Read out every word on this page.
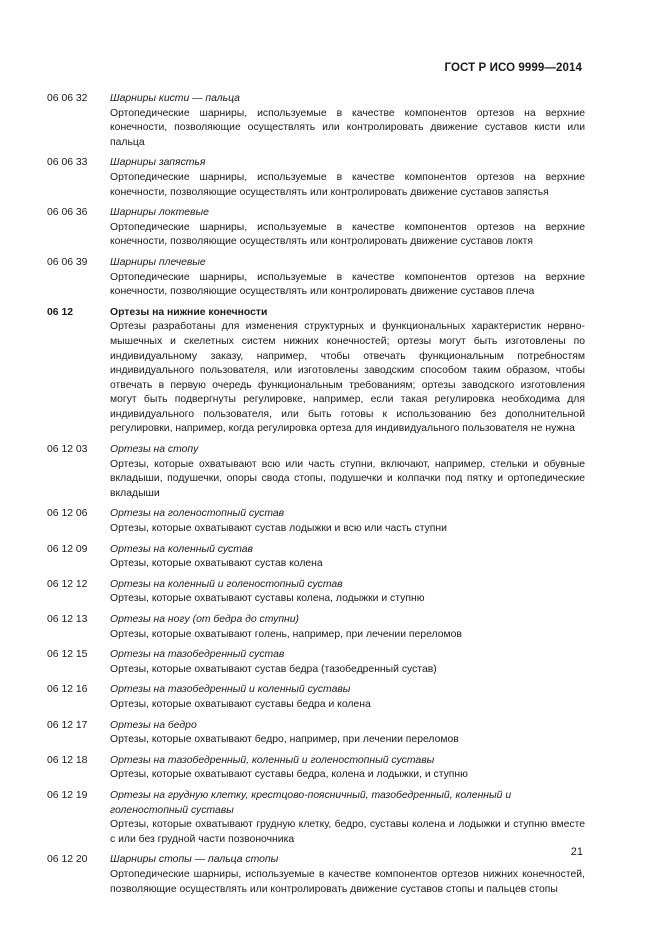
ГОСТ Р ИСО 9999—2014
06 06 32	Шарниры кисти — пальца
Ортопедические шарниры, используемые в качестве компонентов ортезов на верхние конечности, позволяющие осуществлять или контролировать движение суставов кисти или пальца
06 06 33	Шарниры запястья
Ортопедические шарниры, используемые в качестве компонентов ортезов на верхние конечности, позволяющие осуществлять или контролировать движение суставов запястья
06 06 36	Шарниры локтевые
Ортопедические шарниры, используемые в качестве компонентов ортезов на верхние конечности, позволяющие осуществлять или контролировать движение суставов локтя
06 06 39	Шарниры плечевые
Ортопедические шарниры, используемые в качестве компонентов ортезов на верхние конечности, позволяющие осуществлять или контролировать движение суставов плеча
06 12	Ортезы на нижние конечности
Ортезы разработаны для изменения структурных и функциональных характеристик нервно-мышечных и скелетных систем нижних конечностей; ортезы могут быть изготовлены по индивидуальному заказу, например, чтобы отвечать функциональным потребностям индивидуального пользователя, или изготовлены заводским способом таким образом, чтобы отвечать в первую очередь функциональным требованиям; ортезы заводского изготовления могут быть подвергнуты регулировке, например, если такая регулировка необходима для индивидуального пользователя, или быть готовы к использованию без дополнительной регулировки, например, когда регулировка ортеза для индивидуального пользователя не нужна
06 12 03	Ортезы на стопу
Ортезы, которые охватывают всю или часть ступни, включают, например, стельки и обувные вкладыши, подушечки, опоры свода стопы, подушечки и колпачки под пятку и ортопедические вкладыши
06 12 06	Ортезы на голеностопный сустав
Ортезы, которые охватывают сустав лодыжки и всю или часть ступни
06 12 09	Ортезы на коленный сустав
Ортезы, которые охватывают сустав колена
06 12 12	Ортезы на коленный и голеностопный сустав
Ортезы, которые охватывают суставы колена, лодыжки и ступню
06 12 13	Ортезы на ногу (от бедра до ступни)
Ортезы, которые охватывают голень, например, при лечении переломов
06 12 15	Ортезы на тазобедренный сустав
Ортезы, которые охватывают сустав бедра (тазобедренный сустав)
06 12 16	Ортезы на тазобедренный и коленный суставы
Ортезы, которые охватывают суставы бедра и колена
06 12 17	Ортезы на бедро
Ортезы, которые охватывают бедро, например, при лечении переломов
06 12 18	Ортезы на тазобедренный, коленный и голеностопный суставы
Ортезы, которые охватывают суставы бедра, колена и лодыжки, и ступню
06 12 19	Ортезы на грудную клетку, крестцово-поясничный, тазобедренный, коленный и голеностопный суставы
Ортезы, которые охватывают грудную клетку, бедро, суставы колена и лодыжки и ступню вместе с или без грудной части позвоночника
06 12 20	Шарниры стопы — пальца стопы
Ортопедические шарниры, используемые в качестве компонентов ортезов нижних конечностей, позволяющие осуществлять или контролировать движение суставов стопы и пальцев стопы
21
